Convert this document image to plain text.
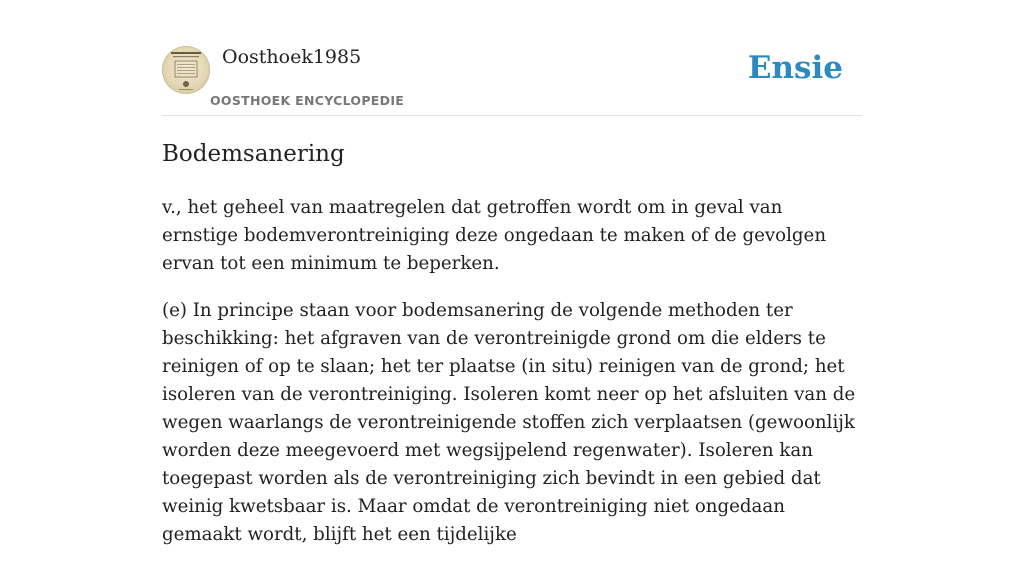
Oosthoek1985
OOSTHOEK ENCYCLOPEDIE
Ensie
Bodemsanering

v., het geheel van maatregelen dat getroffen wordt om in geval van ernstige bodemverontreiniging deze ongedaan te maken of de gevolgen ervan tot een minimum te beperken.

(e) In principe staan voor bodemsanering de volgende methoden ter beschikking: het afgraven van de verontreinigde grond om die elders te reinigen of op te slaan; het ter plaatse (in situ) reinigen van de grond; het isoleren van de verontreiniging. Isoleren komt neer op het afsluiten van de wegen waarlangs de verontreinigende stoffen zich verplaatsen (gewoonlijk worden deze meegevoerd met wegsijpelend regenwater). Isoleren kan toegepast worden als de verontreiniging zich bevindt in een gebied dat weinig kwetsbaar is. Maar omdat de verontreiniging niet ongedaan gemaakt wordt, blijft het een tijdelijke
